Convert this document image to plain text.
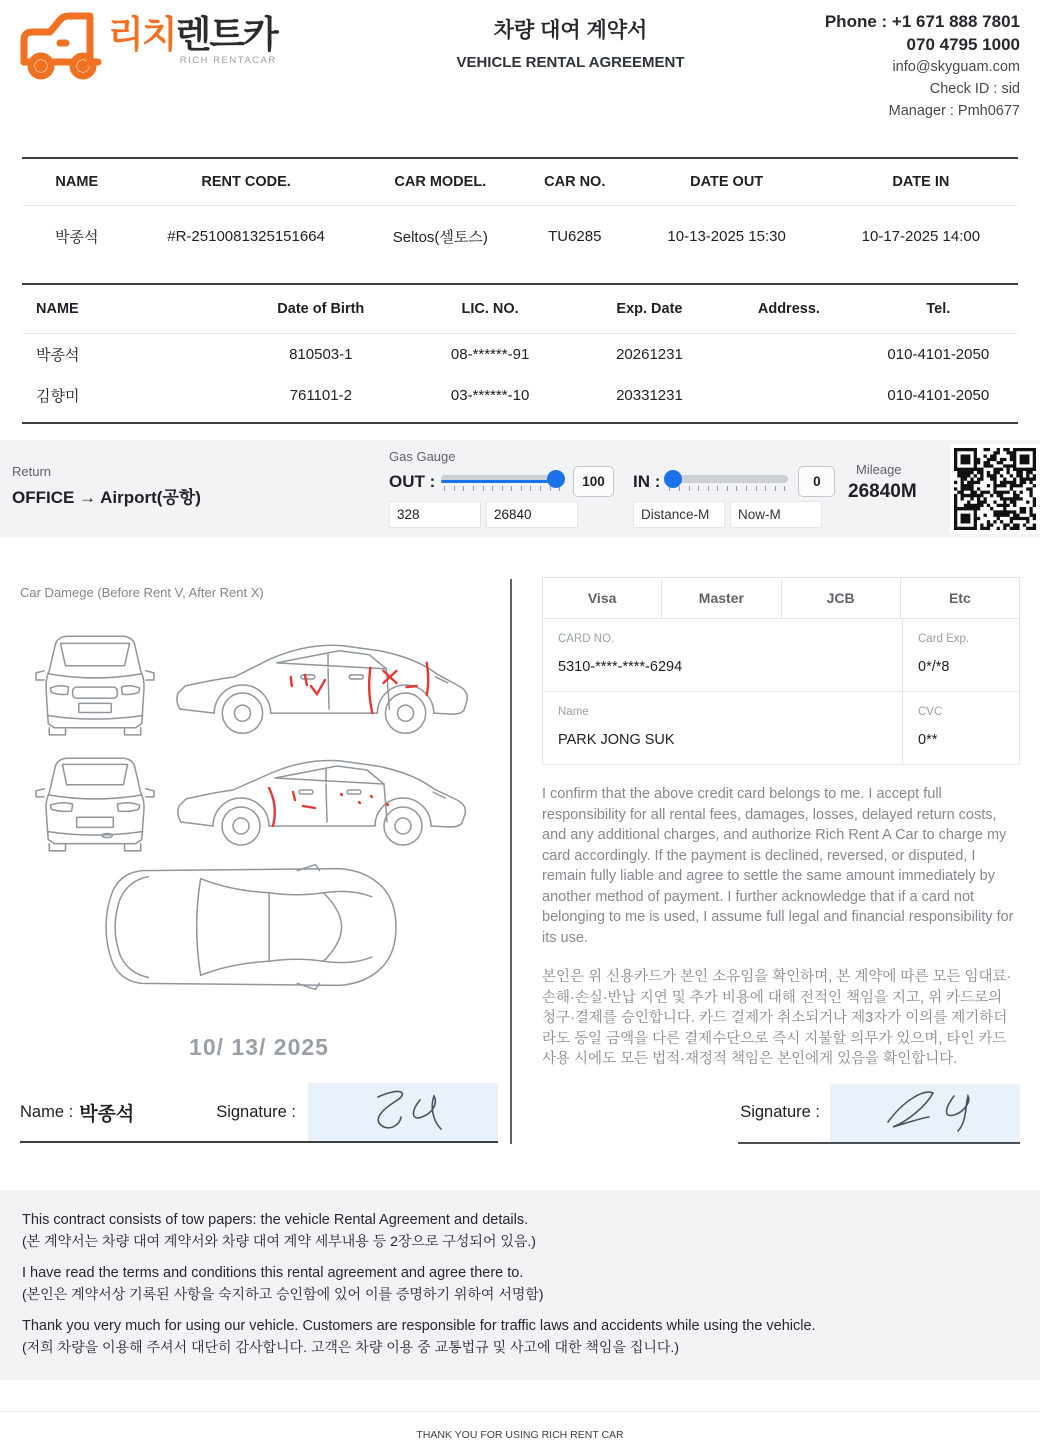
리치렌트카
RICH RENTACAR
차량 대여 계약서
VEHICLE RENTAL AGREEMENT
Phone : +1 671 888 7801
070 4795 1000
info@skyguam.com
Check ID : sid
Manager : Pmh0677
NAME	RENT CODE.	CAR MODEL.	CAR NO.	DATE OUT	DATE IN
박종석	#R-2510081325151664	Seltos(셀토스)	TU6285	10-13-2025 15:30	10-17-2025 14:00
NAME	Date of Birth	LIC. NO.	Exp. Date	Address.	Tel.
박종석	810503-1	08-******-91	20261231		010-4101-2050
김향미	761101-2	03-******-10	20331231		010-4101-2050
Return
OFFICE → Airport(공항)
Gas Gauge
OUT :	100
328
26840	IN :	0
Distance-M
Now-M
Mileage
26840M
Car Damege (Before Rent V, After Rent X)
10/ 13/ 2025
Name : 박종석	Signature :
Visa	Master	JCB	Etc
CARD NO.
5310-****-****-6294
Card Exp.
0*/*8
Name
PARK JONG SUK
CVC
0**

I confirm that the above credit card belongs to me. I accept full responsibility for all rental fees, damages, losses, delayed return costs, and any additional charges, and authorize Rich Rent A Car to charge my card accordingly. If the payment is declined, reversed, or disputed, I remain fully liable and agree to settle the same amount immediately by another method of payment. I further acknowledge that if a card not belonging to me is used, I assume full legal and financial responsibility for its use.

본인은 위 신용카드가 본인 소유임을 확인하며, 본 계약에 따른 모든 임대료·손해·손실·반납 지연 및 추가 비용에 대해 전적인 책임을 지고, 위 카드로의 청구·결제를 승인합니다. 카드 결제가 취소되거나 제3자가 이의를 제기하더라도 동일 금액을 다른 결제수단으로 즉시 지불할 의무가 있으며, 타인 카드 사용 시에도 모든 법적·재정적 책임은 본인에게 있음을 확인합니다.

Signature :
This contract consists of tow papers: the vehicle Rental Agreement and details.
(본 계약서는 차량 대여 계약서와 차량 대여 계약 세부내용 등 2장으로 구성되어 있음.)
I have read the terms and conditions this rental agreement and agree there to.
(본인은 계약서상 기록된 사항을 숙지하고 승인함에 있어 이를 증명하기 위하여 서명함)
Thank you very much for using our vehicle. Customers are responsible for traffic laws and accidents while using the vehicle.
(저희 차량을 이용해 주셔서 대단히 감사합니다. 고객은 차량 이용 중 교통법규 및 사고에 대한 책임을 집니다.)
THANK YOU FOR USING RICH RENT CAR
